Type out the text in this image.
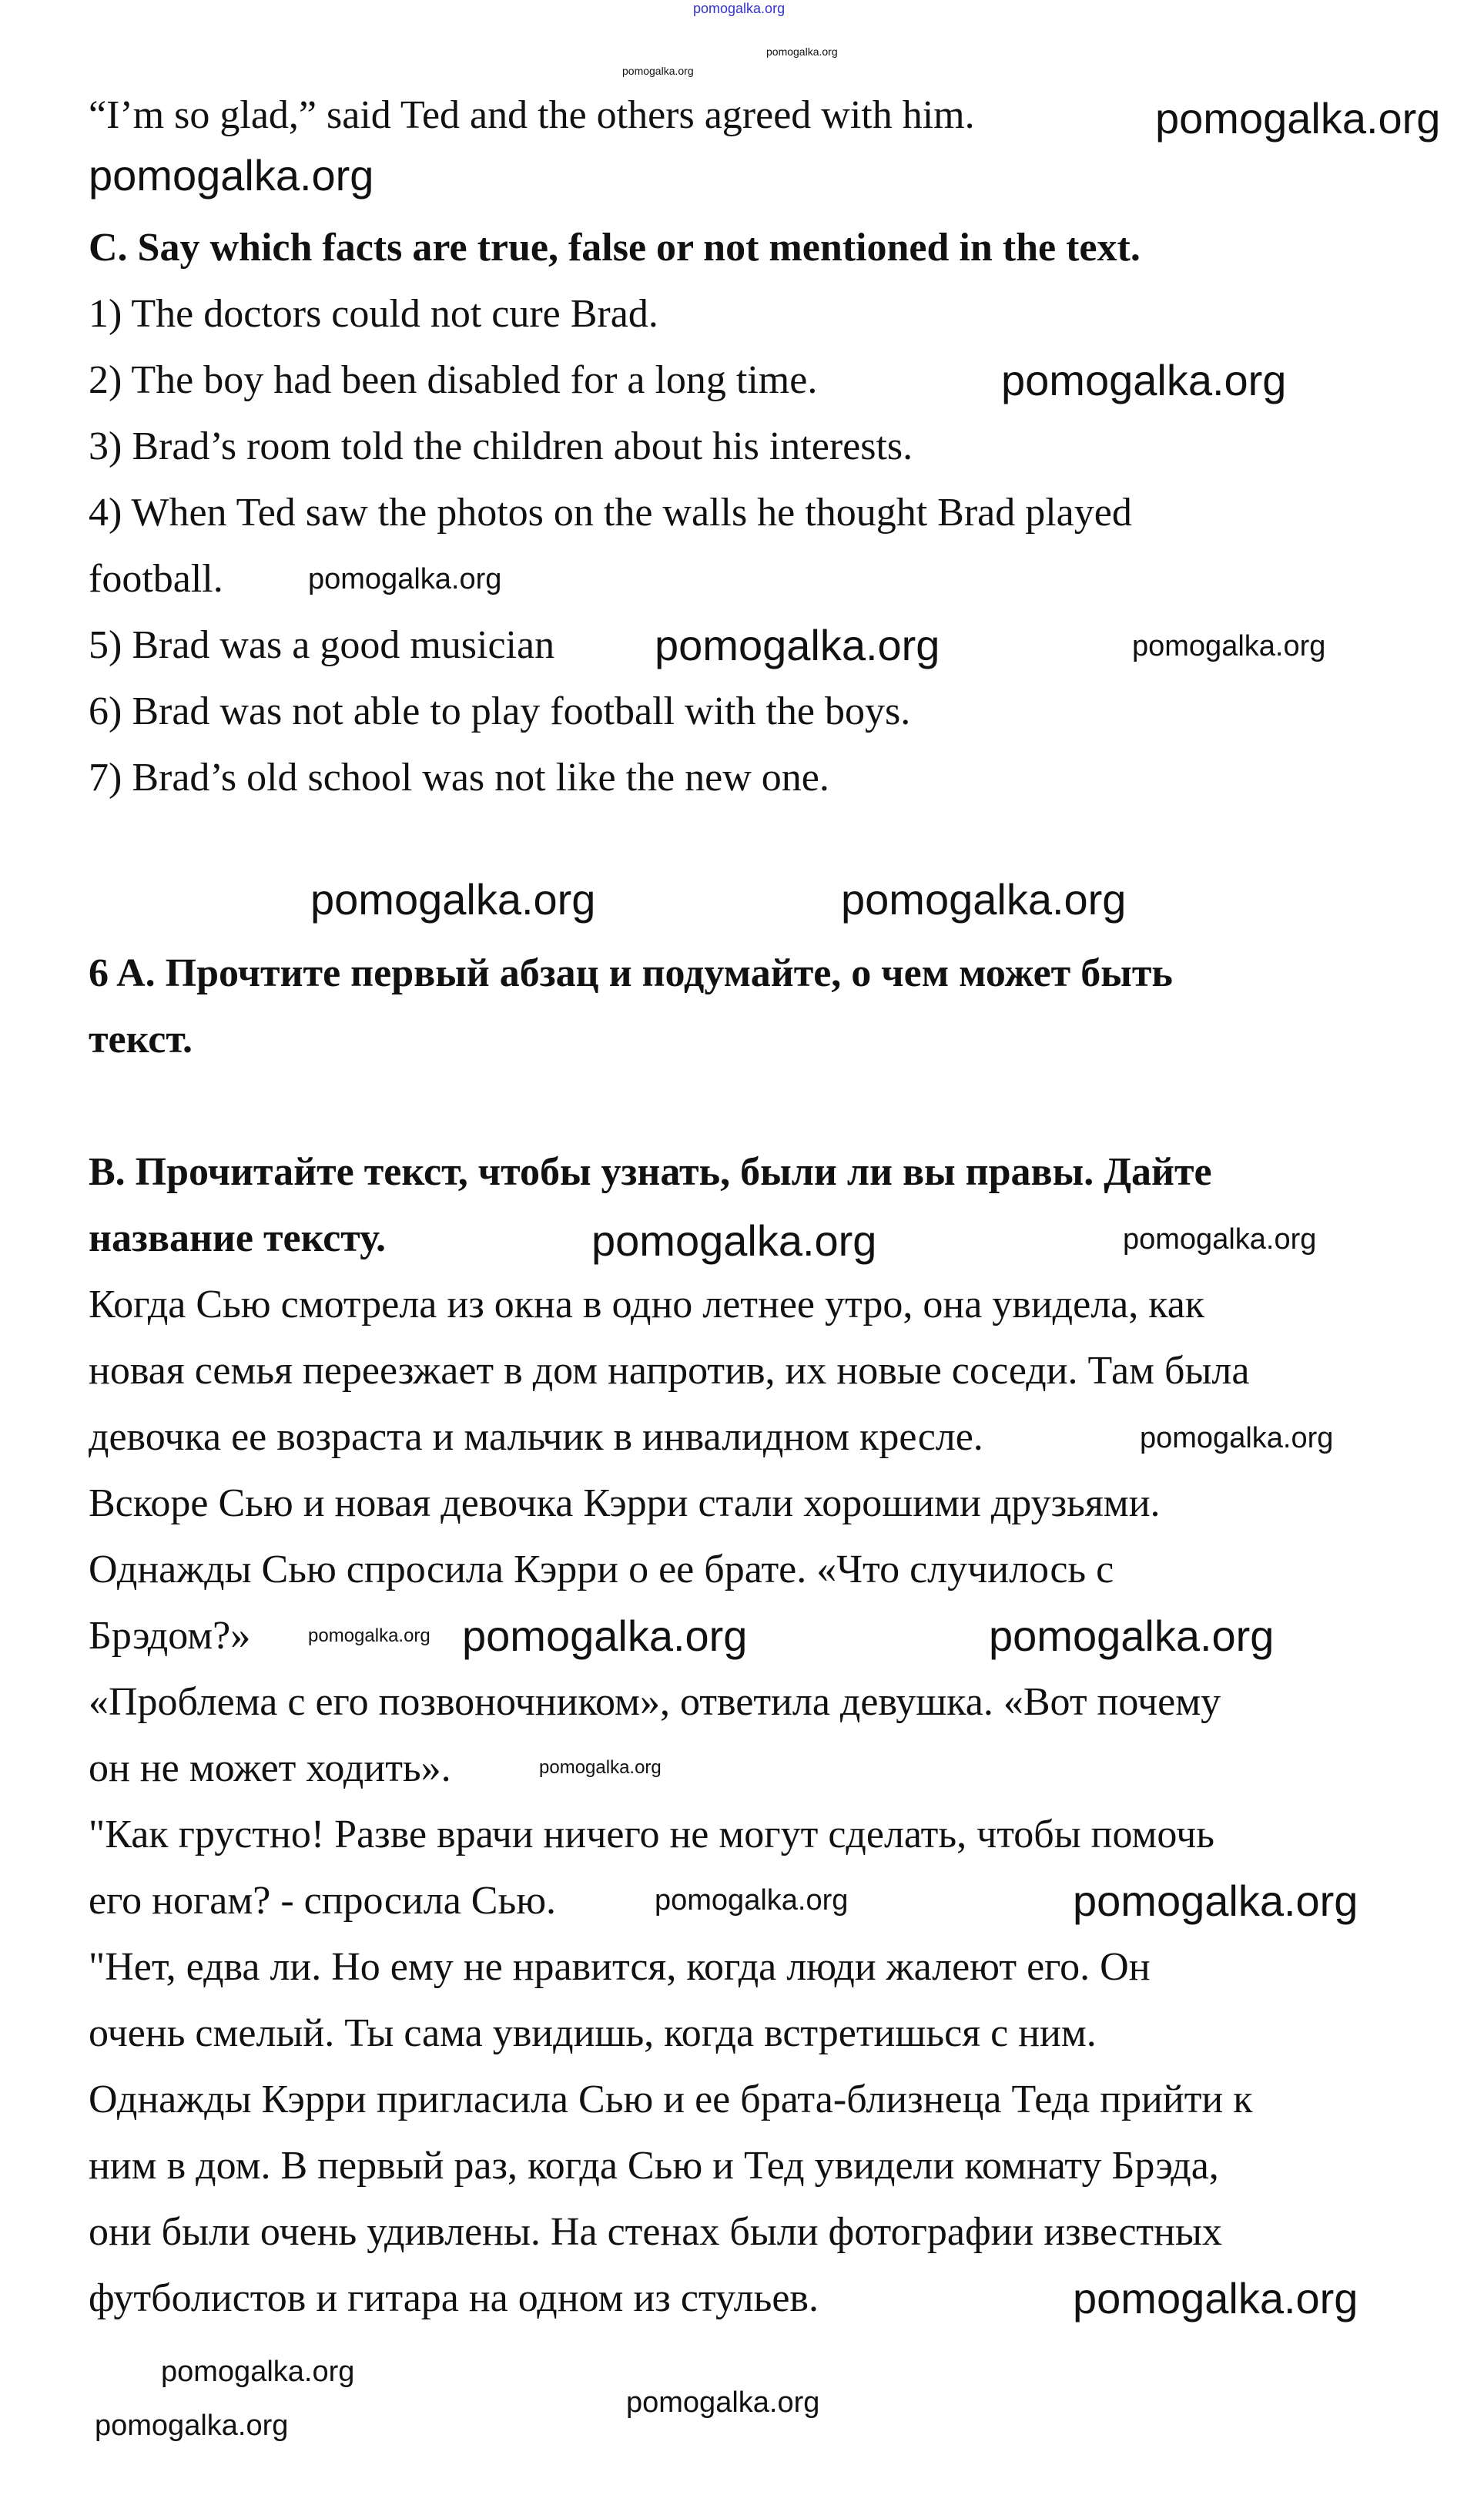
“I’m so glad,” said Ted and the others agreed with him.
C. Say which facts are true, false or not mentioned in the text.
1) The doctors could not cure Brad.
2) The boy had been disabled for a long time.
3) Brad’s room told the children about his interests.
4) When Ted saw the photos on the walls he thought Brad played
football.
5) Brad was a good musician
6) Brad was not able to play football with the boys.
7) Brad’s old school was not like the new one.
6 A. Прочтите первый абзац и подумайте, о чем может быть
текст.
B. Прочитайте текст, чтобы узнать, были ли вы правы. Дайте
название тексту.
Когда Сью смотрела из окна в одно летнее утро, она увидела, как
новая семья переезжает в дом напротив, их новые соседи. Там была
девочка ее возраста и мальчик в инвалидном кресле.
Вскоре Сью и новая девочка Кэрри стали хорошими друзьями.
Однажды Сью спросила Кэрри о ее брате. «Что случилось с
Брэдом?»
«Проблема с его позвоночником», ответила девушка. «Вот почему
он не может ходить».
"Как грустно! Разве врачи ничего не могут сделать, чтобы помочь
его ногам? - спросила Сью.
"Нет, едва ли. Но ему не нравится, когда люди жалеют его. Он
очень смелый. Ты сама увидишь, когда встретишься с ним.
Однажды Кэрри пригласила Сью и ее брата-близнеца Теда прийти к
ним в дом. В первый раз, когда Сью и Тед увидели комнату Брэда,
они были очень удивлены. На стенах были фотографии известных
футболистов и гитара на одном из стульев.
pomogalka.org
pomogalka.org
pomogalka.org
pomogalka.org
pomogalka.org
pomogalka.org
pomogalka.org
pomogalka.org	pomogalka.org
pomogalka.org	pomogalka.org
pomogalka.org	pomogalka.org
pomogalka.org
pomogalka.org pomogalka.org	pomogalka.org
pomogalka.org
pomogalka.org	pomogalka.org
pomogalka.org
pomogalka.org
pomogalka.org
pomogalka.org
